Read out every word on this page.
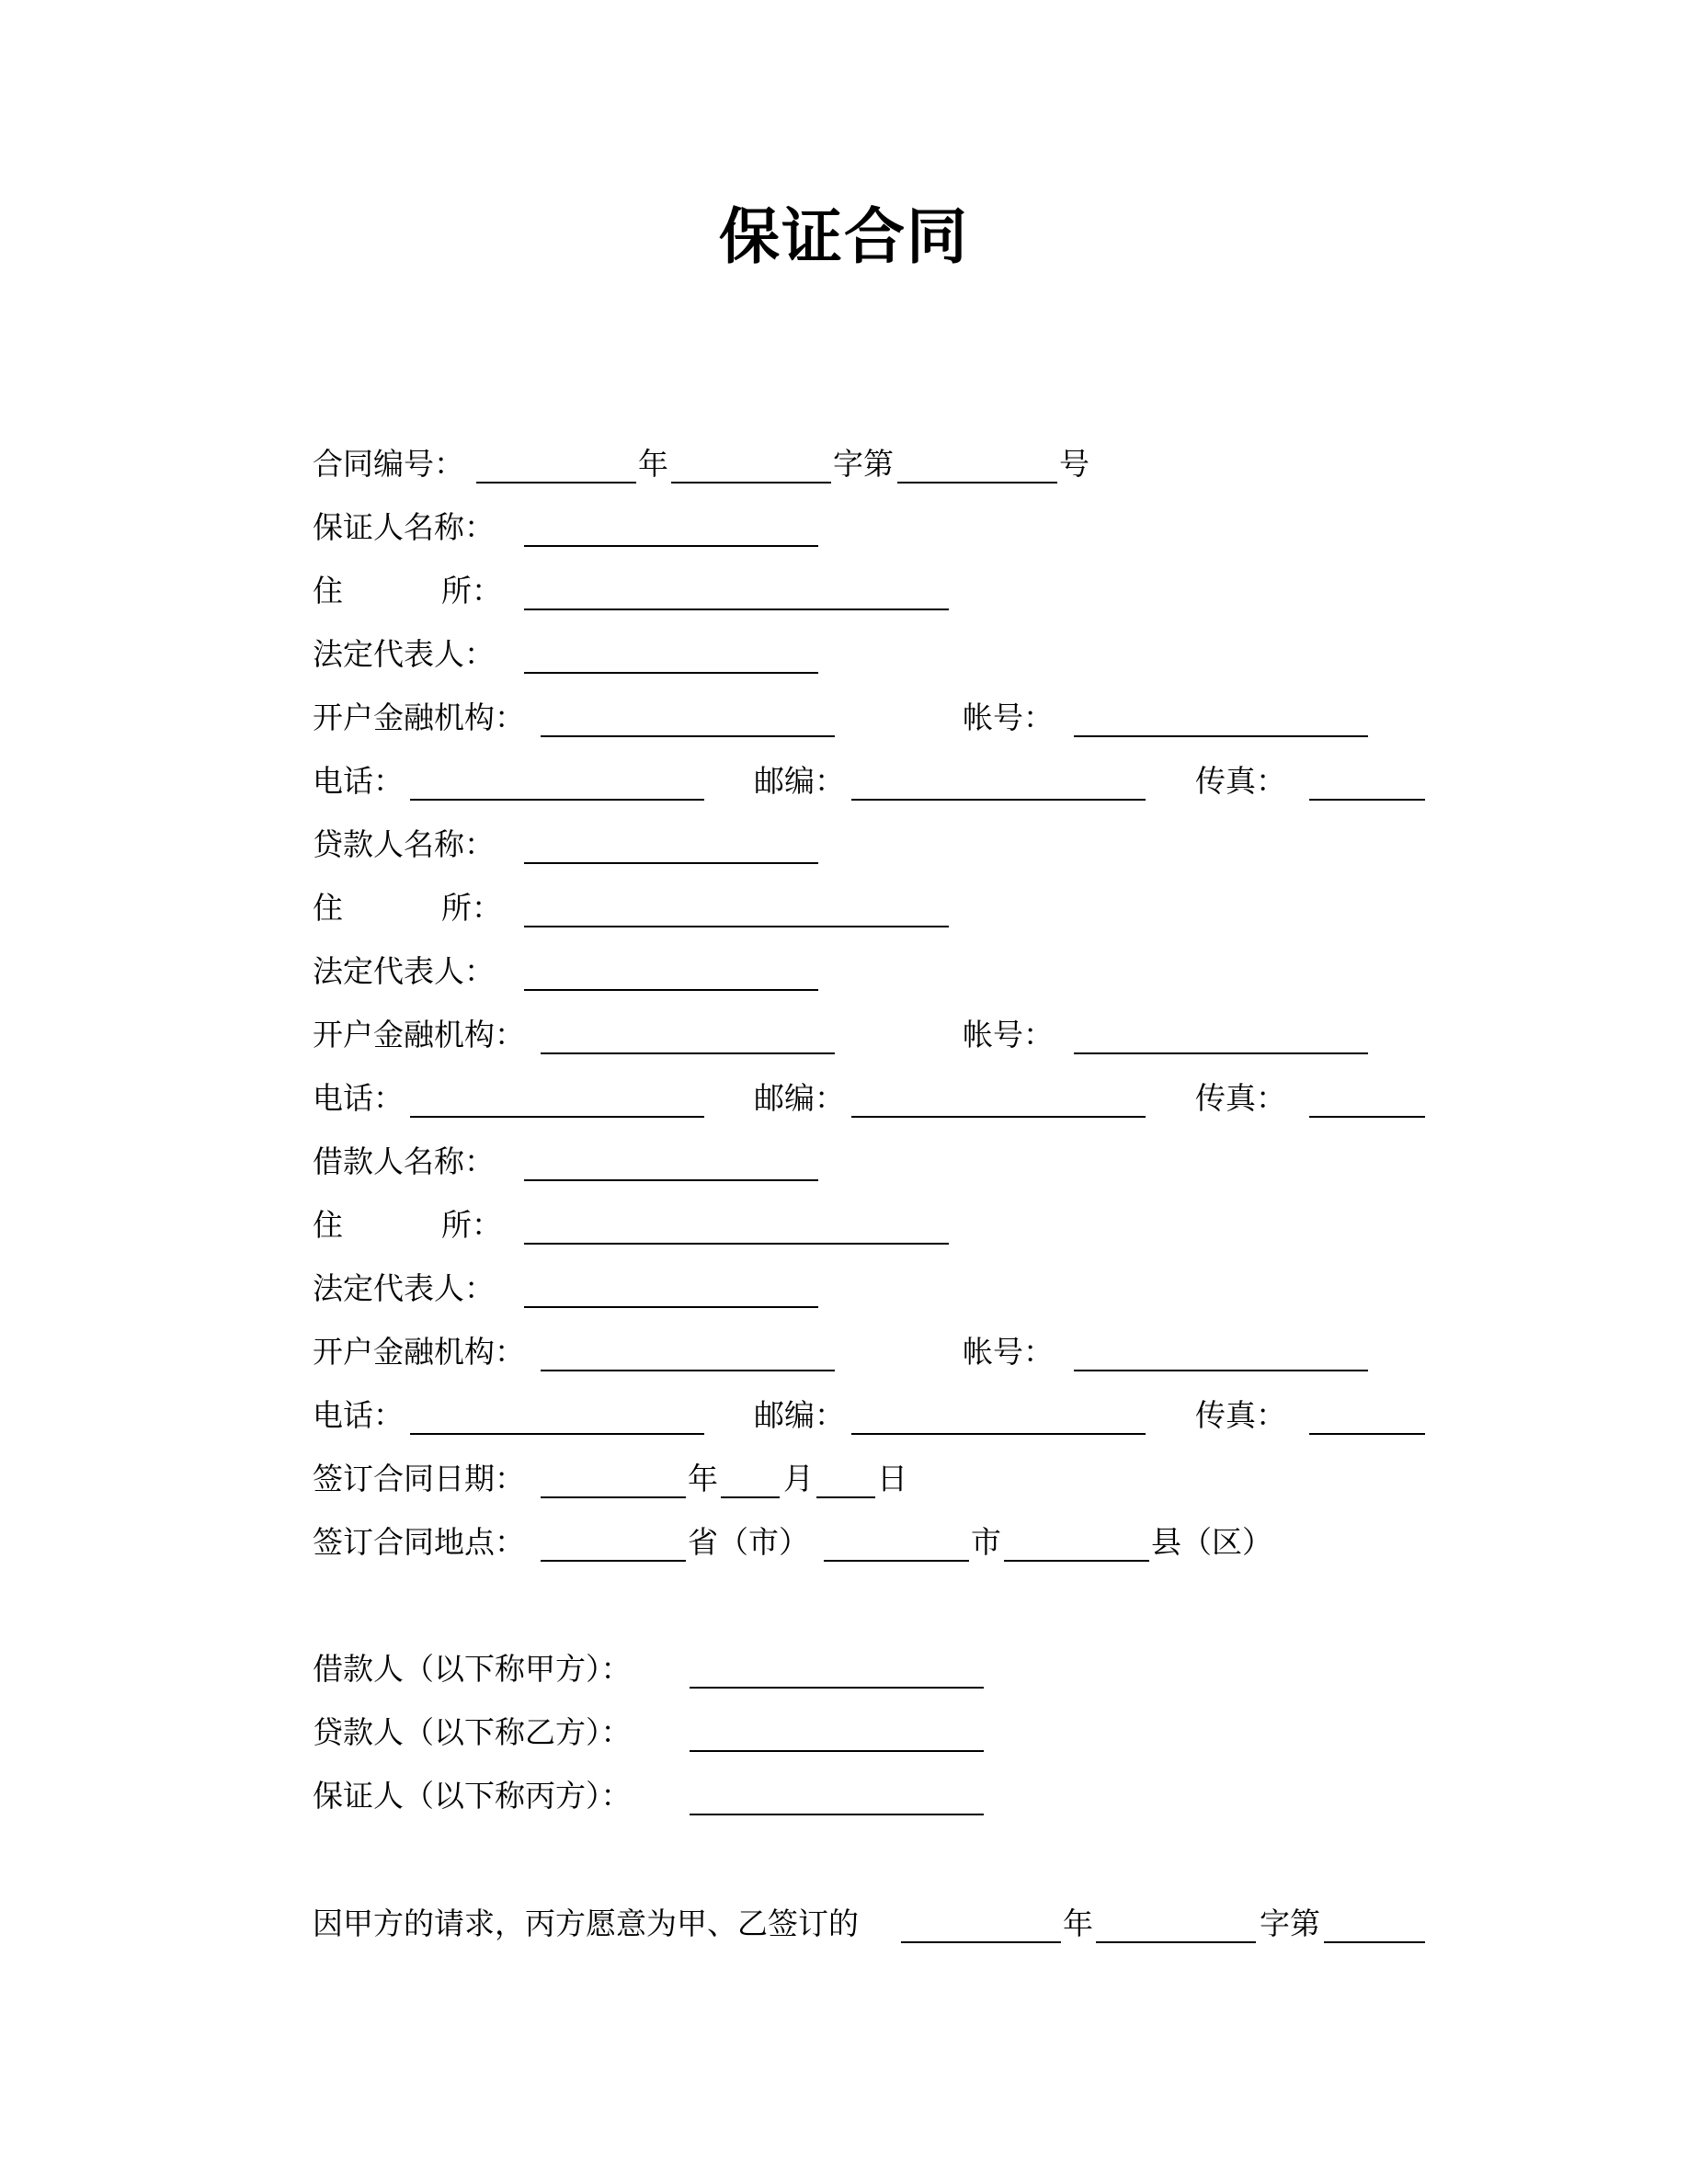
保证合同
合同编号：	年	字第	号
保证人名称：
住	所：
法定代表人：
开户金融机构：	帐号：
电话：	邮编：	传真：
贷款人名称：
住	所：
法定代表人：
开户金融机构：	帐号：
电话：	邮编：	传真：
借款人名称：
住	所：
法定代表人：
开户金融机构：	帐号：
电话：	邮编：	传真：
签订合同日期：	年 月 日
签订合同地点：	省（市）	市	县（区）
借款人（以下称甲方）：
贷款人（以下称乙方）：
保证人（以下称丙方）：
因甲方的请求，丙方愿意为甲、乙签订的	年	字第
